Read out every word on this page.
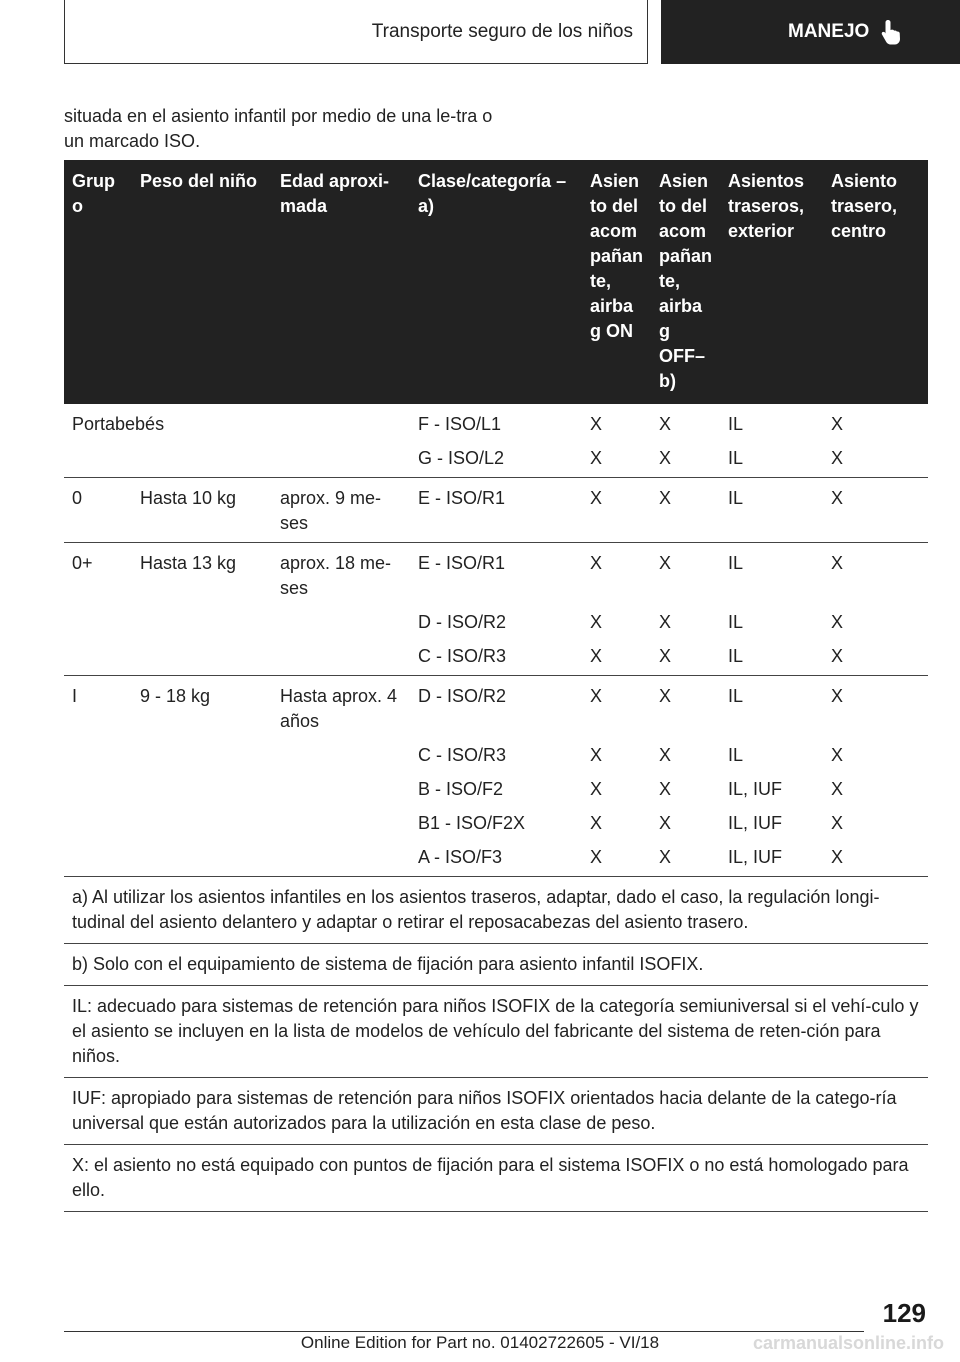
Transporte seguro de los niños	MANEJO
situada en el asiento infantil por medio de una le-tra o un marcado ISO.
Grupo	Peso del niño	Edad aproxi-mada	Clase/categoría – a)	Asiento del acompañante, airbag ON	Asiento del acompañante, airbag OFF– b)	Asientos traseros, exterior	Asiento trasero, centro
Portabebés			F - ISO/L1	X	X	IL	X
			G - ISO/L2	X	X	IL	X
0	Hasta 10 kg	aprox. 9 me-ses	E - ISO/R1	X	X	IL	X
0+	Hasta 13 kg	aprox. 18 me-ses	E - ISO/R1	X	X	IL	X
			D - ISO/R2	X	X	IL	X
			C - ISO/R3	X	X	IL	X
I	9 - 18 kg	Hasta aprox. 4 años	D - ISO/R2	X	X	IL	X
			C - ISO/R3	X	X	IL	X
			B - ISO/F2	X	X	IL, IUF	X
			B1 - ISO/F2X	X	X	IL, IUF	X
			A - ISO/F3	X	X	IL, IUF	X
a) Al utilizar los asientos infantiles en los asientos traseros, adaptar, dado el caso, la regulación longi-tudinal del asiento delantero y adaptar o retirar el reposacabezas del asiento trasero.							
b) Solo con el equipamiento de sistema de fijación para asiento infantil ISOFIX.							
IL: adecuado para sistemas de retención para niños ISOFIX de la categoría semiuniversal si el vehí-culo y el asiento se incluyen en la lista de modelos de vehículo del fabricante del sistema de reten-ción para niños.							
IUF: apropiado para sistemas de retención para niños ISOFIX orientados hacia delante de la catego-ría universal que están autorizados para la utilización en esta clase de peso.							
X: el asiento no está equipado con puntos de fijación para el sistema ISOFIX o no está homologado para ello.							
129
Online Edition for Part no. 01402722605 - VI/18	carmanualsonline.info
